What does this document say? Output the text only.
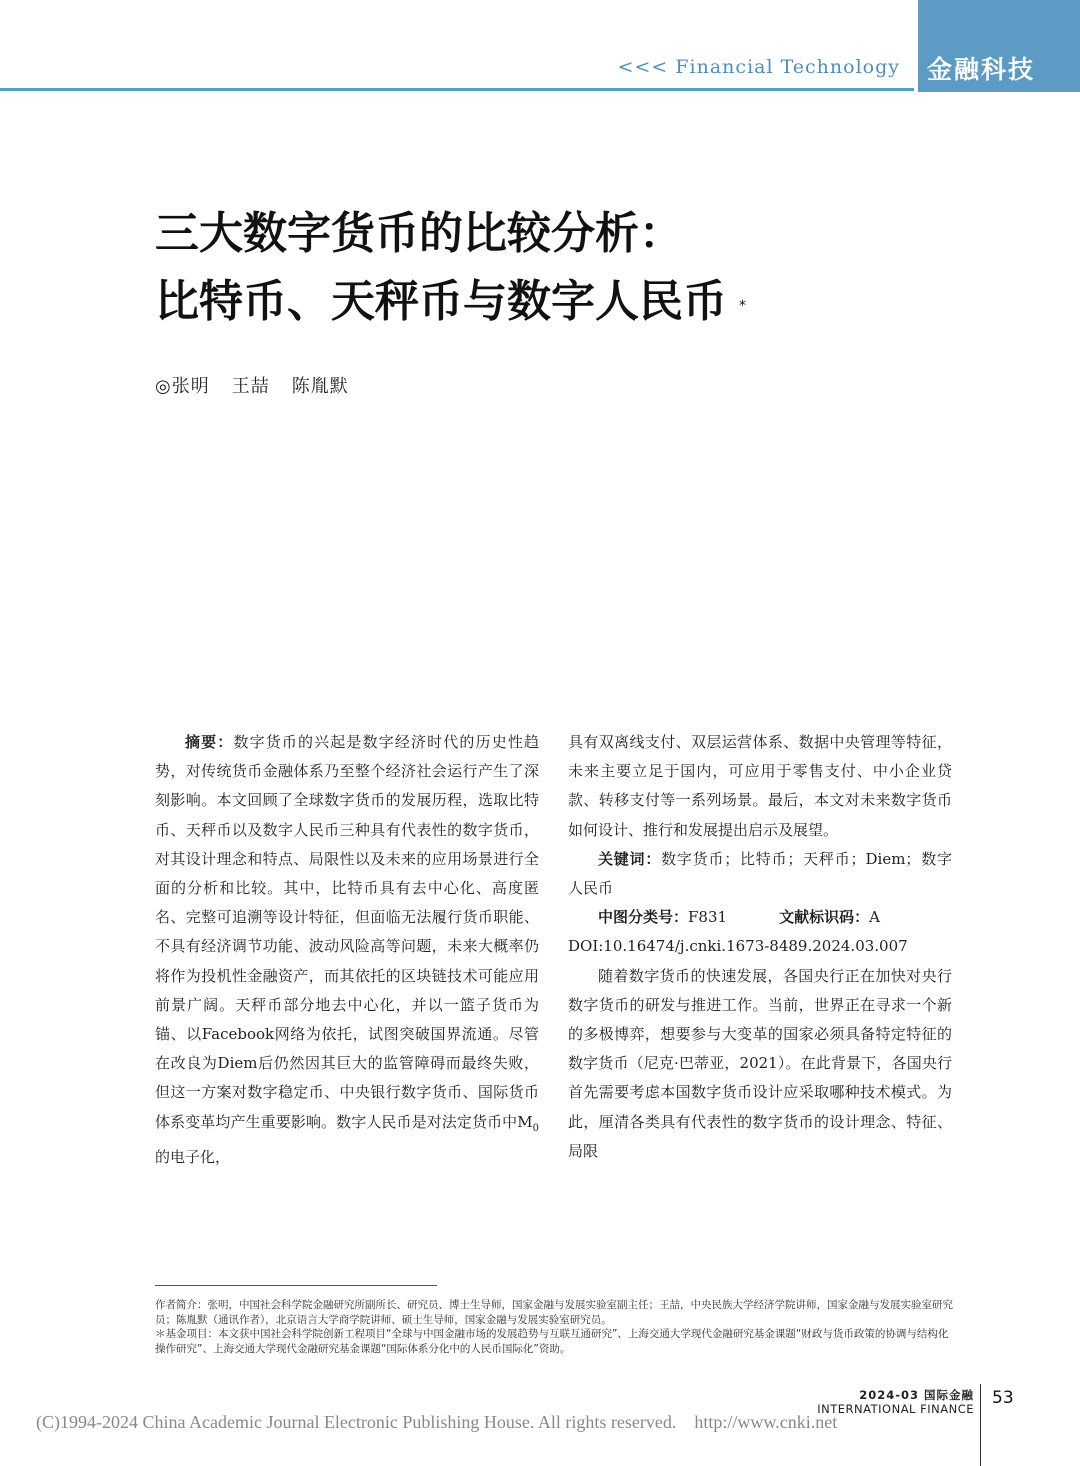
<<< Financial Technology 金融科技
三大数字货币的比较分析：
比特币、天秤币与数字人民币 *
◎张明 王喆 陈胤默

摘要：数字货币的兴起是数字经济时代的历史性趋势，对传统货币金融体系乃至整个经济社会运行产生了深刻影响。本文回顾了全球数字货币的发展历程，选取比特币、天秤币以及数字人民币三种具有代表性的数字货币，对其设计理念和特点、局限性以及未来的应用场景进行全面的分析和比较。其中，比特币具有去中心化、高度匿名、完整可追溯等设计特征，但面临无法履行货币职能、不具有经济调节功能、波动风险高等问题，未来大概率仍将作为投机性金融资产，而其依托的区块链技术可能应用前景广阔。天秤币部分地去中心化，并以一篮子货币为锚、以Facebook网络为依托，试图突破国界流通。尽管在改良为Diem后仍然因其巨大的监管障碍而最终失败，但这一方案对数字稳定币、中央银行数字货币、国际货币体系变革均产生重要影响。数字人民币是对法定货币中$M_0$的电子化，

具有双离线支付、双层运营体系、数据中央管理等特征，未来主要立足于国内，可应用于零售支付、中小企业贷款、转移支付等一系列场景。最后，本文对未来数字货币如何设计、推行和发展提出启示及展望。

关键词：数字货币；比特币；天秤币；Diem；数字人民币

中图分类号：F831	文献标识码：A

DOI:10.16474/j.cnki.1673-8489.2024.03.007

随着数字货币的快速发展，各国央行正在加快对央行数字货币的研发与推进工作。当前，世界正在寻求一个新的多极博弈，想要参与大变革的国家必须具备特定特征的数字货币（尼克·巴蒂亚，2021）。在此背景下，各国央行首先需要考虑本国数字货币设计应采取哪种技术模式。为此，厘清各类具有代表性的数字货币的设计理念、特征、局限

作者简介：张明，中国社会科学院金融研究所副所长、研究员、博士生导师，国家金融与发展实验室副主任；王喆，中央民族大学经济学院讲师，国家金融与发展实验室研究员；陈胤默（通讯作者），北京语言大学商学院讲师、硕士生导师，国家金融与发展实验室研究员。

＊基金项目：本文获中国社会科学院创新工程项目“全球与中国金融市场的发展趋势与互联互通研究”、上海交通大学现代金融研究基金课题“财政与货币政策的协调与结构化操作研究”、上海交通大学现代金融研究基金课题“国际体系分化中的人民币国际化”资助。

2024-03 国际金融
INTERNATIONAL FINANCE
53
(C)1994-2024 China Academic Journal Electronic Publishing House. All rights reserved. http://www.cnki.net
